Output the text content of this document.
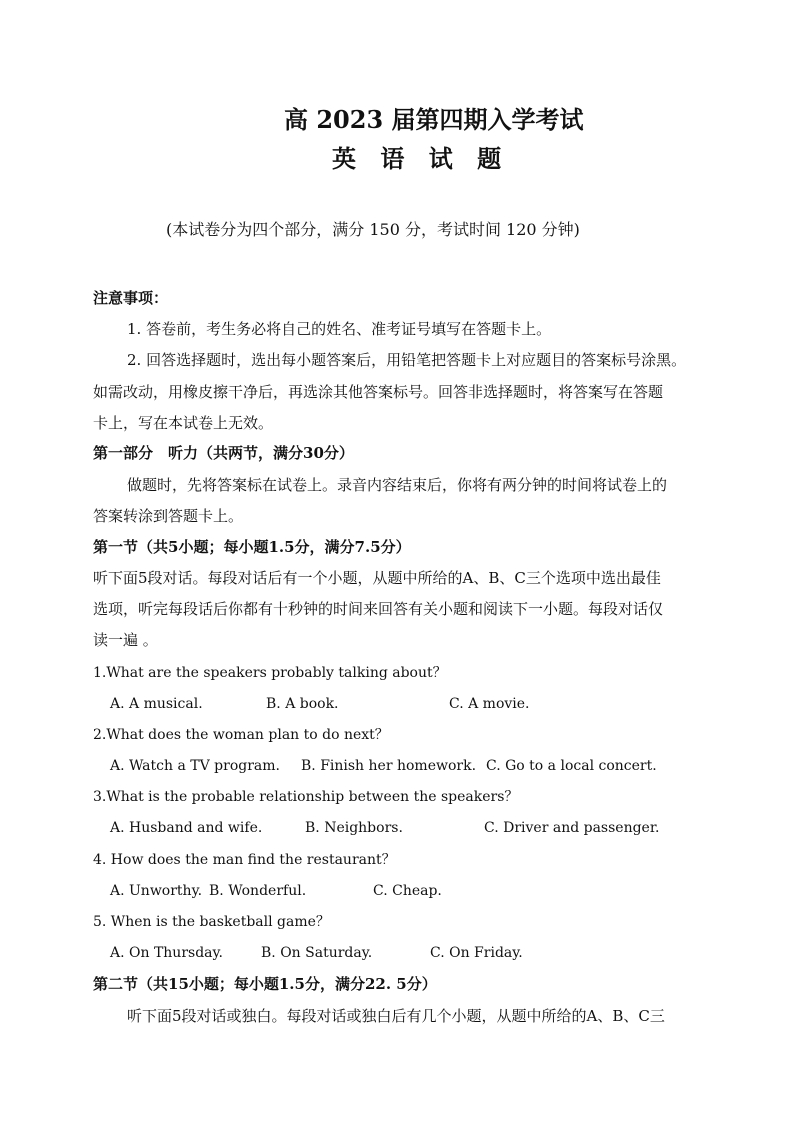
高 2023 届第四期入学考试
英 语 试 题
(本试卷分为四个部分，满分 150 分，考试时间 120 分钟)
注意事项：
1. 答卷前，考生务必将自己的姓名、准考证号填写在答题卡上。
2. 回答选择题时，选出每小题答案后，用铅笔把答题卡上对应题目的答案标号涂黑。
如需改动，用橡皮擦干净后，再选涂其他答案标号。回答非选择题时，将答案写在答题
卡上，写在本试卷上无效。
第一部分　听力（共两节，满分30分）
做题时，先将答案标在试卷上。录音内容结束后，你将有两分钟的时间将试卷上的
答案转涂到答题卡上。
第一节（共5小题；每小题1.5分，满分7.5分）
听下面5段对话。每段对话后有一个小题，从题中所给的A、B、C三个选项中选出最佳
选项，听完每段话后你都有十秒钟的时间来回答有关小题和阅读下一小题。每段对话仅
读一遍 。
1.What are the speakers probably talking about？
A. A musical.	B. A book.	C. A movie.
2.What does the woman plan to do next？
A. Watch a TV program. B. Finish her homework. C. Go to a local concert.
3.What is the probable relationship between the speakers？
A. Husband and wife.	B. Neighbors.	C. Driver and passenger.
4. How does the man find the restaurant？
A. Unworthy. B. Wonderful.	C. Cheap.
5. When is the basketball game？
A. On Thursday.	B. On Saturday.	C. On Friday.
第二节（共15小题；每小题1.5分，满分22. 5分）
听下面5段对话或独白。每段对话或独白后有几个小题，从题中所给的A、B、C三
